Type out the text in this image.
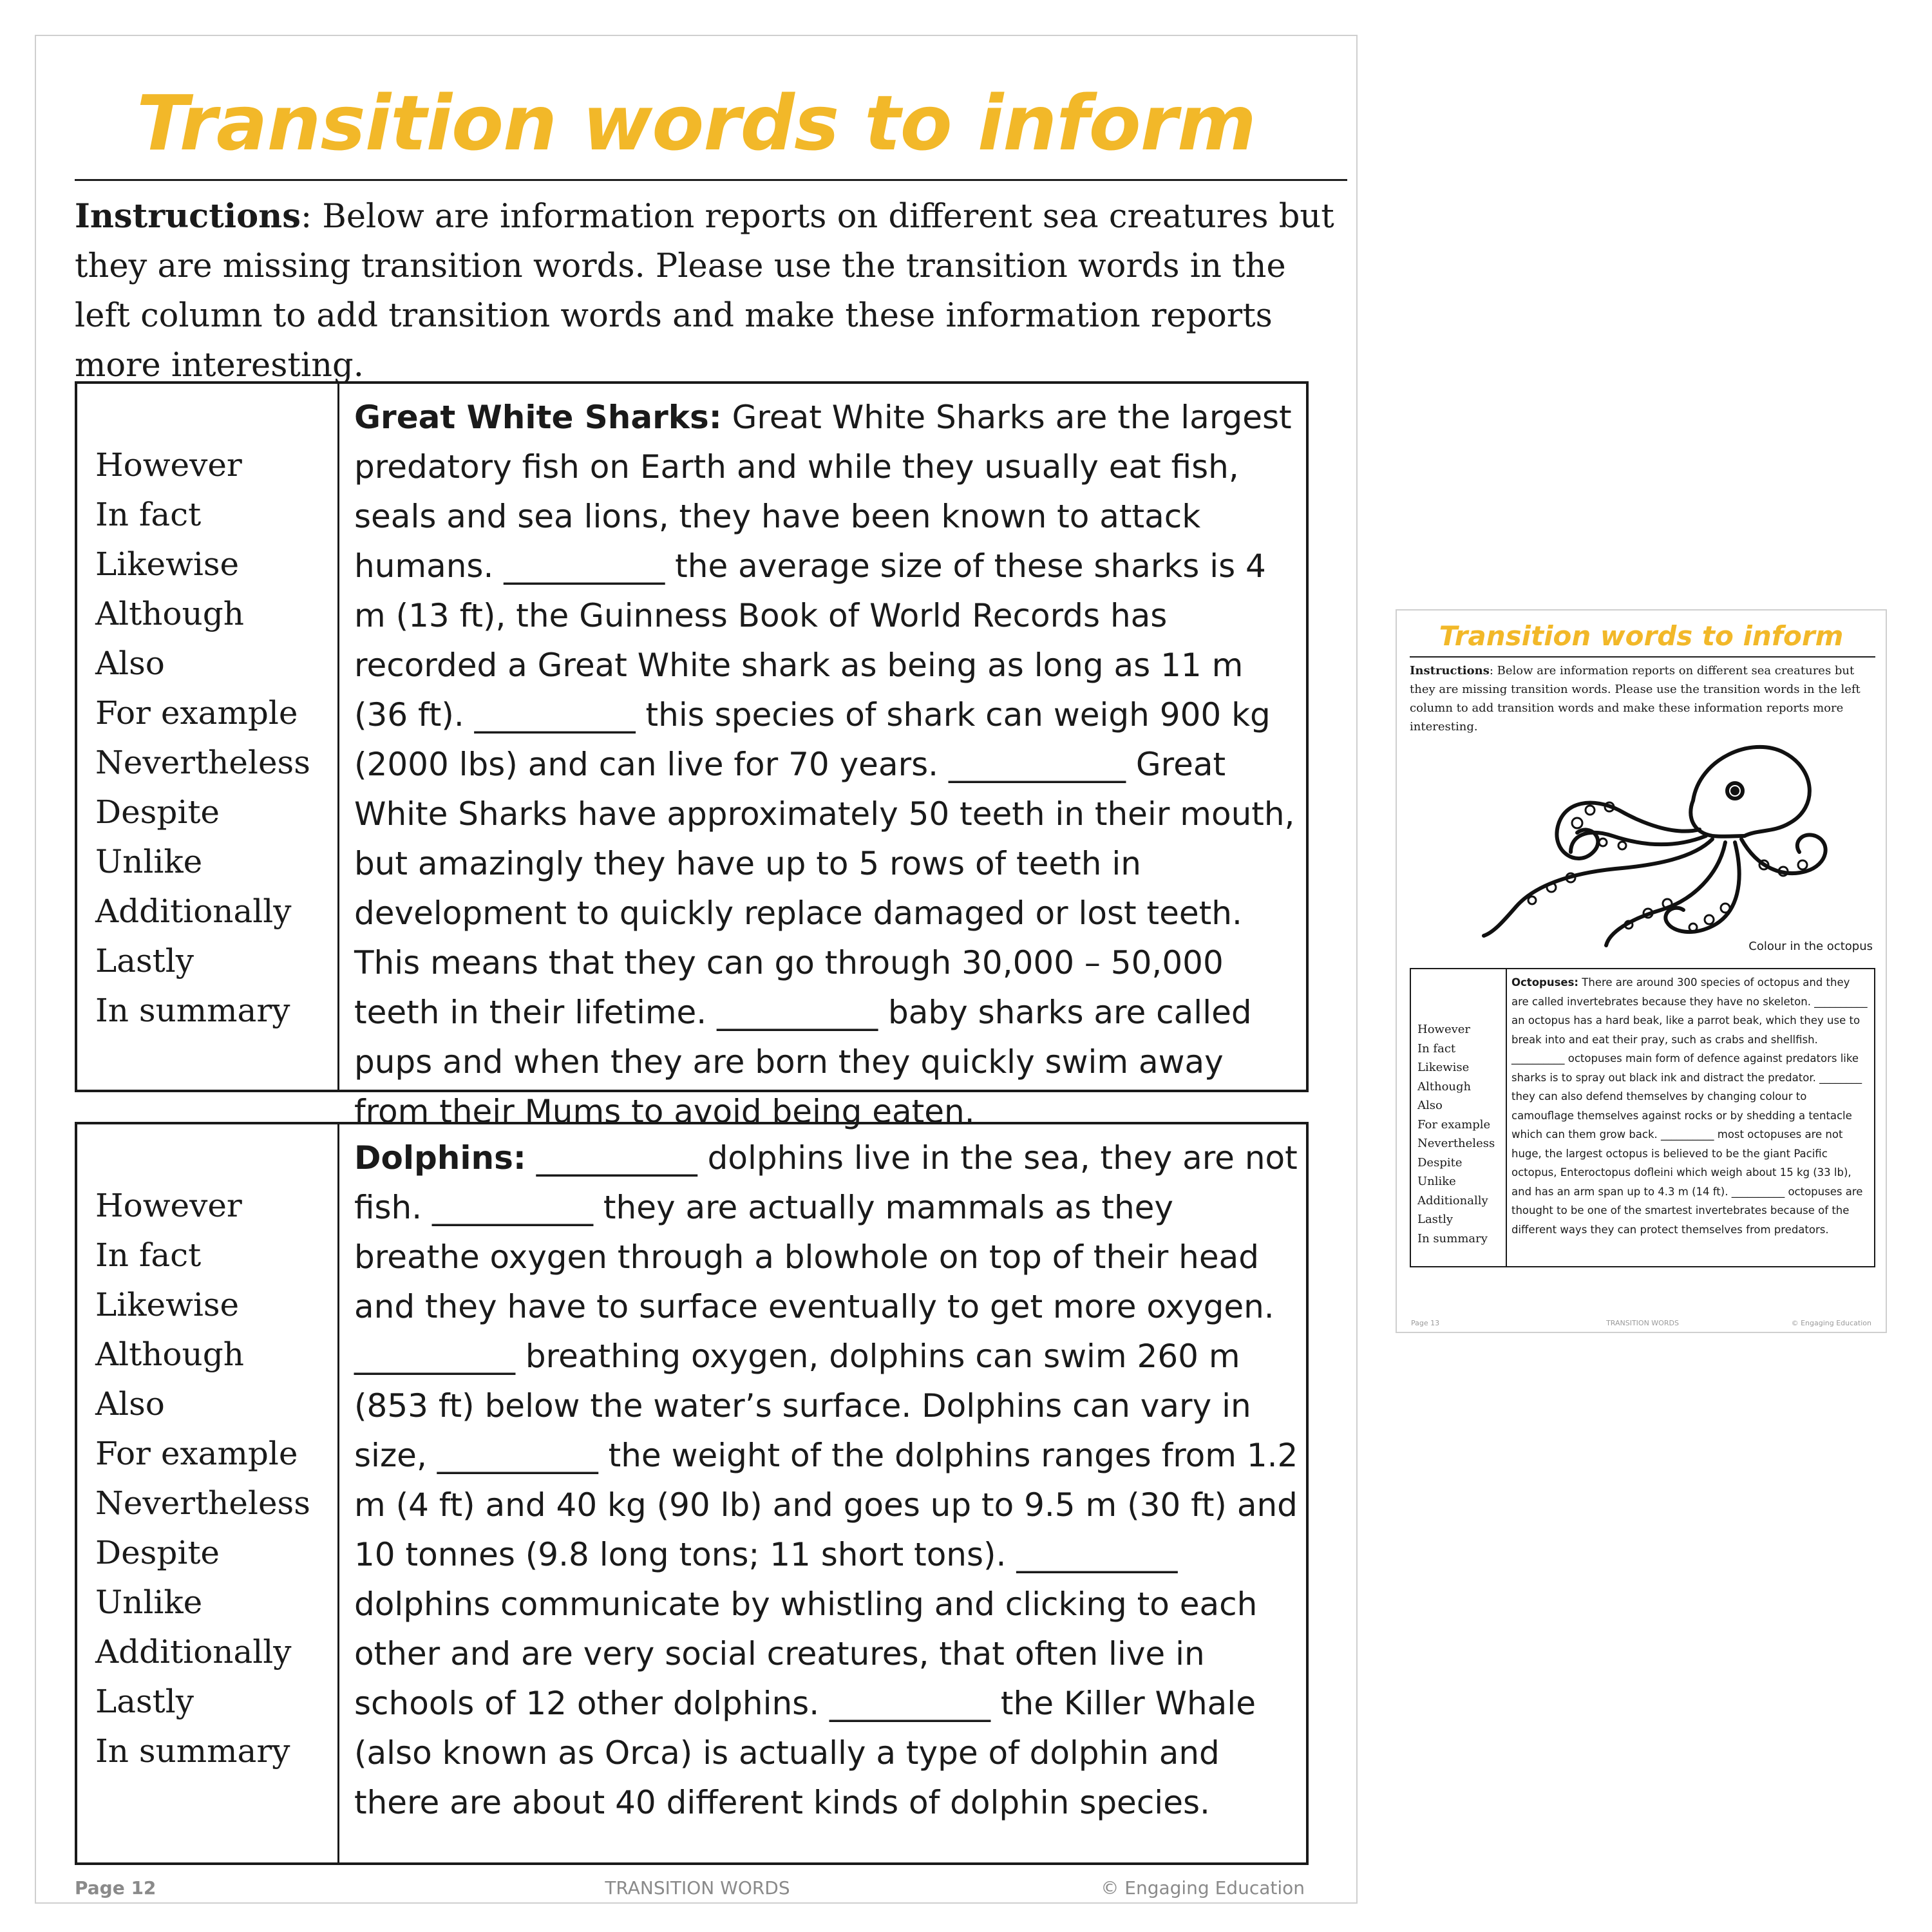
Transition words to inform

Instructions: Below are information reports on different sea creatures but they are missing transition words. Please use the transition words in the left column to add transition words and make these information reports more interesting.

However
In fact
Likewise
Although
Also
For example
Nevertheless
Despite
Unlike
Additionally
Lastly
In summary

Great White Sharks: Great White Sharks are the largest predatory fish on Earth and while they usually eat fish, seals and sea lions, they have been known to attack humans. __________ the average size of these sharks is 4 m (13 ft), the Guinness Book of World Records has recorded a Great White shark as being as long as 11 m (36 ft). __________ this species of shark can weigh 900 kg (2000 lbs) and can live for 70 years. ___________ Great White Sharks have approximately 50 teeth in their mouth, but amazingly they have up to 5 rows of teeth in development to quickly replace damaged or lost teeth. This means that they can go through 30,000 – 50,000 teeth in their lifetime. __________ baby sharks are called pups and when they are born they quickly swim away from their Mums to avoid being eaten.

However
In fact
Likewise
Although
Also
For example
Nevertheless
Despite
Unlike
Additionally
Lastly
In summary

Dolphins: __________ dolphins live in the sea, they are not fish. __________ they are actually mammals as they breathe oxygen through a blowhole on top of their head and they have to surface eventually to get more oxygen. __________ breathing oxygen, dolphins can swim 260 m (853 ft) below the water’s surface. Dolphins can vary in size, __________ the weight of the dolphins ranges from 1.2 m (4 ft) and 40 kg (90 lb) and goes up to 9.5 m (30 ft) and 10 tonnes (9.8 long tons; 11 short tons). __________ dolphins communicate by whistling and clicking to each other and are very social creatures, that often live in schools of 12 other dolphins. __________ the Killer Whale (also known as Orca) is actually a type of dolphin and there are about 40 different kinds of dolphin species.

Page 12	TRANSITION WORDS	© Engaging Education
Transition words to inform

Instructions: Below are information reports on different sea creatures but they are missing transition words. Please use the transition words in the left column to add transition words and make these information reports more interesting.

Colour in the octopus
However
In fact
Likewise
Although
Also
For example
Nevertheless
Despite
Unlike
Additionally
Lastly
In summary

Octopuses: There are around 300 species of octopus and they are called invertebrates because they have no skeleton. __________ an octopus has a hard beak, like a parrot beak, which they use to break into and eat their pray, such as crabs and shellfish. __________ octopuses main form of defence against predators like sharks is to spray out black ink and distract the predator. ________ they can also defend themselves by changing colour to camouflage themselves against rocks or by shedding a tentacle which can them grow back. __________ most octopuses are not huge, the largest octopus is believed to be the giant Pacific octopus, Enteroctopus dofleini which weigh about 15 kg (33 lb), and has an arm span up to 4.3 m (14 ft). __________ octopuses are thought to be one of the smartest invertebrates because of the different ways they can protect themselves from predators.

Page 13	TRANSITION WORDS	© Engaging Education
